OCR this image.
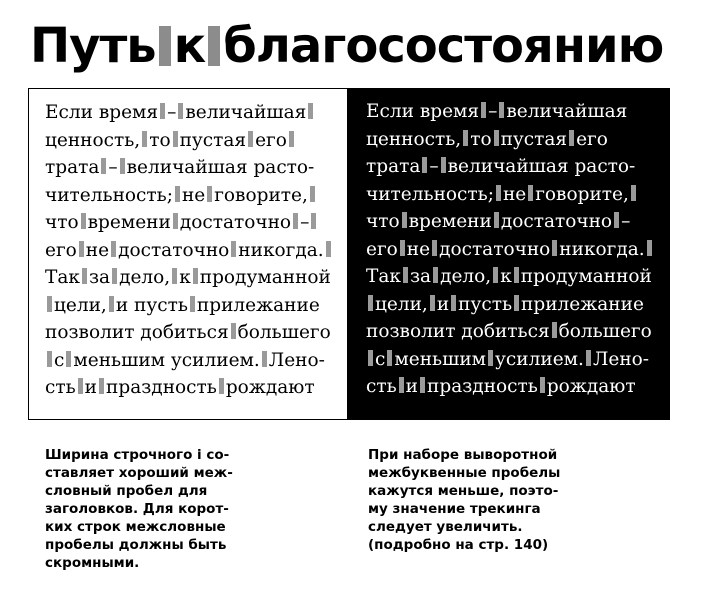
Путь к благосостоянию
Если время – величайшая
ценность, то пустая его
трата – величайшая расто-
чительность; не говорите,
что времени достаточно –
его не достаточно никогда.
Так за дело, к продуманной
цели, и пусть прилежание
позволит добиться большего
с меньшим усилием. Лено-
сть и праздность рождают
Если время – величайшая
ценность, то пустая его
трата – величайшая расто-
чительность; не говорите,
что времени достаточно –
его не достаточно никогда.
Так за дело, к продуманной
цели, и пусть прилежание
позволит добиться большего
с меньшим усилием. Лено-
сть и праздность рождают
Ширина строчного i со-
ставляет хороший меж-
словный пробел для
заголовков. Для корот-
ких строк межсловные
пробелы должны быть
скромными.
При наборе выворотной
межбуквенные пробелы
кажутся меньше, поэто-
му значение трекинга
следует увеличить.
(подробно на стр. 140)
